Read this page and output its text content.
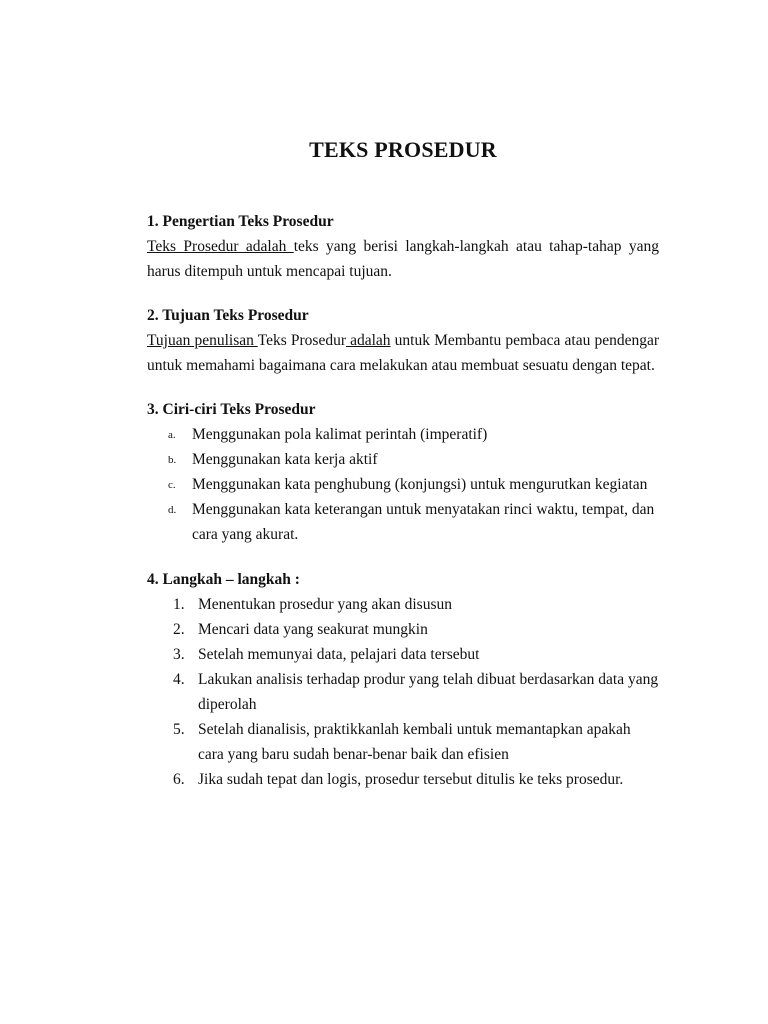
TEKS PROSEDUR

1. Pengertian Teks Prosedur

Teks Prosedur adalah teks yang berisi langkah-langkah atau tahap-tahap yang
harus ditempuh untuk mencapai tujuan.

2. Tujuan Teks Prosedur

Tujuan penulisan Teks Prosedur adalah untuk Membantu pembaca atau pendengar
untuk memahami bagaimana cara melakukan atau membuat sesuatu dengan tepat.

3. Ciri-ciri Teks Prosedur

a. Menggunakan pola kalimat perintah (imperatif)
b. Menggunakan kata kerja aktif
c. Menggunakan kata penghubung (konjungsi) untuk mengurutkan kegiatan
d. Menggunakan kata keterangan untuk menyatakan rinci waktu, tempat, dan cara yang akurat.

4. Langkah – langkah :

1. Menentukan prosedur yang akan disusun
2. Mencari data yang seakurat mungkin
3. Setelah memunyai data, pelajari data tersebut
4. Lakukan analisis terhadap produr yang telah dibuat berdasarkan data yang diperolah
5. Setelah dianalisis, praktikkanlah kembali untuk memantapkan apakah cara yang baru sudah benar-benar baik dan efisien
6. Jika sudah tepat dan logis, prosedur tersebut ditulis ke teks prosedur.
